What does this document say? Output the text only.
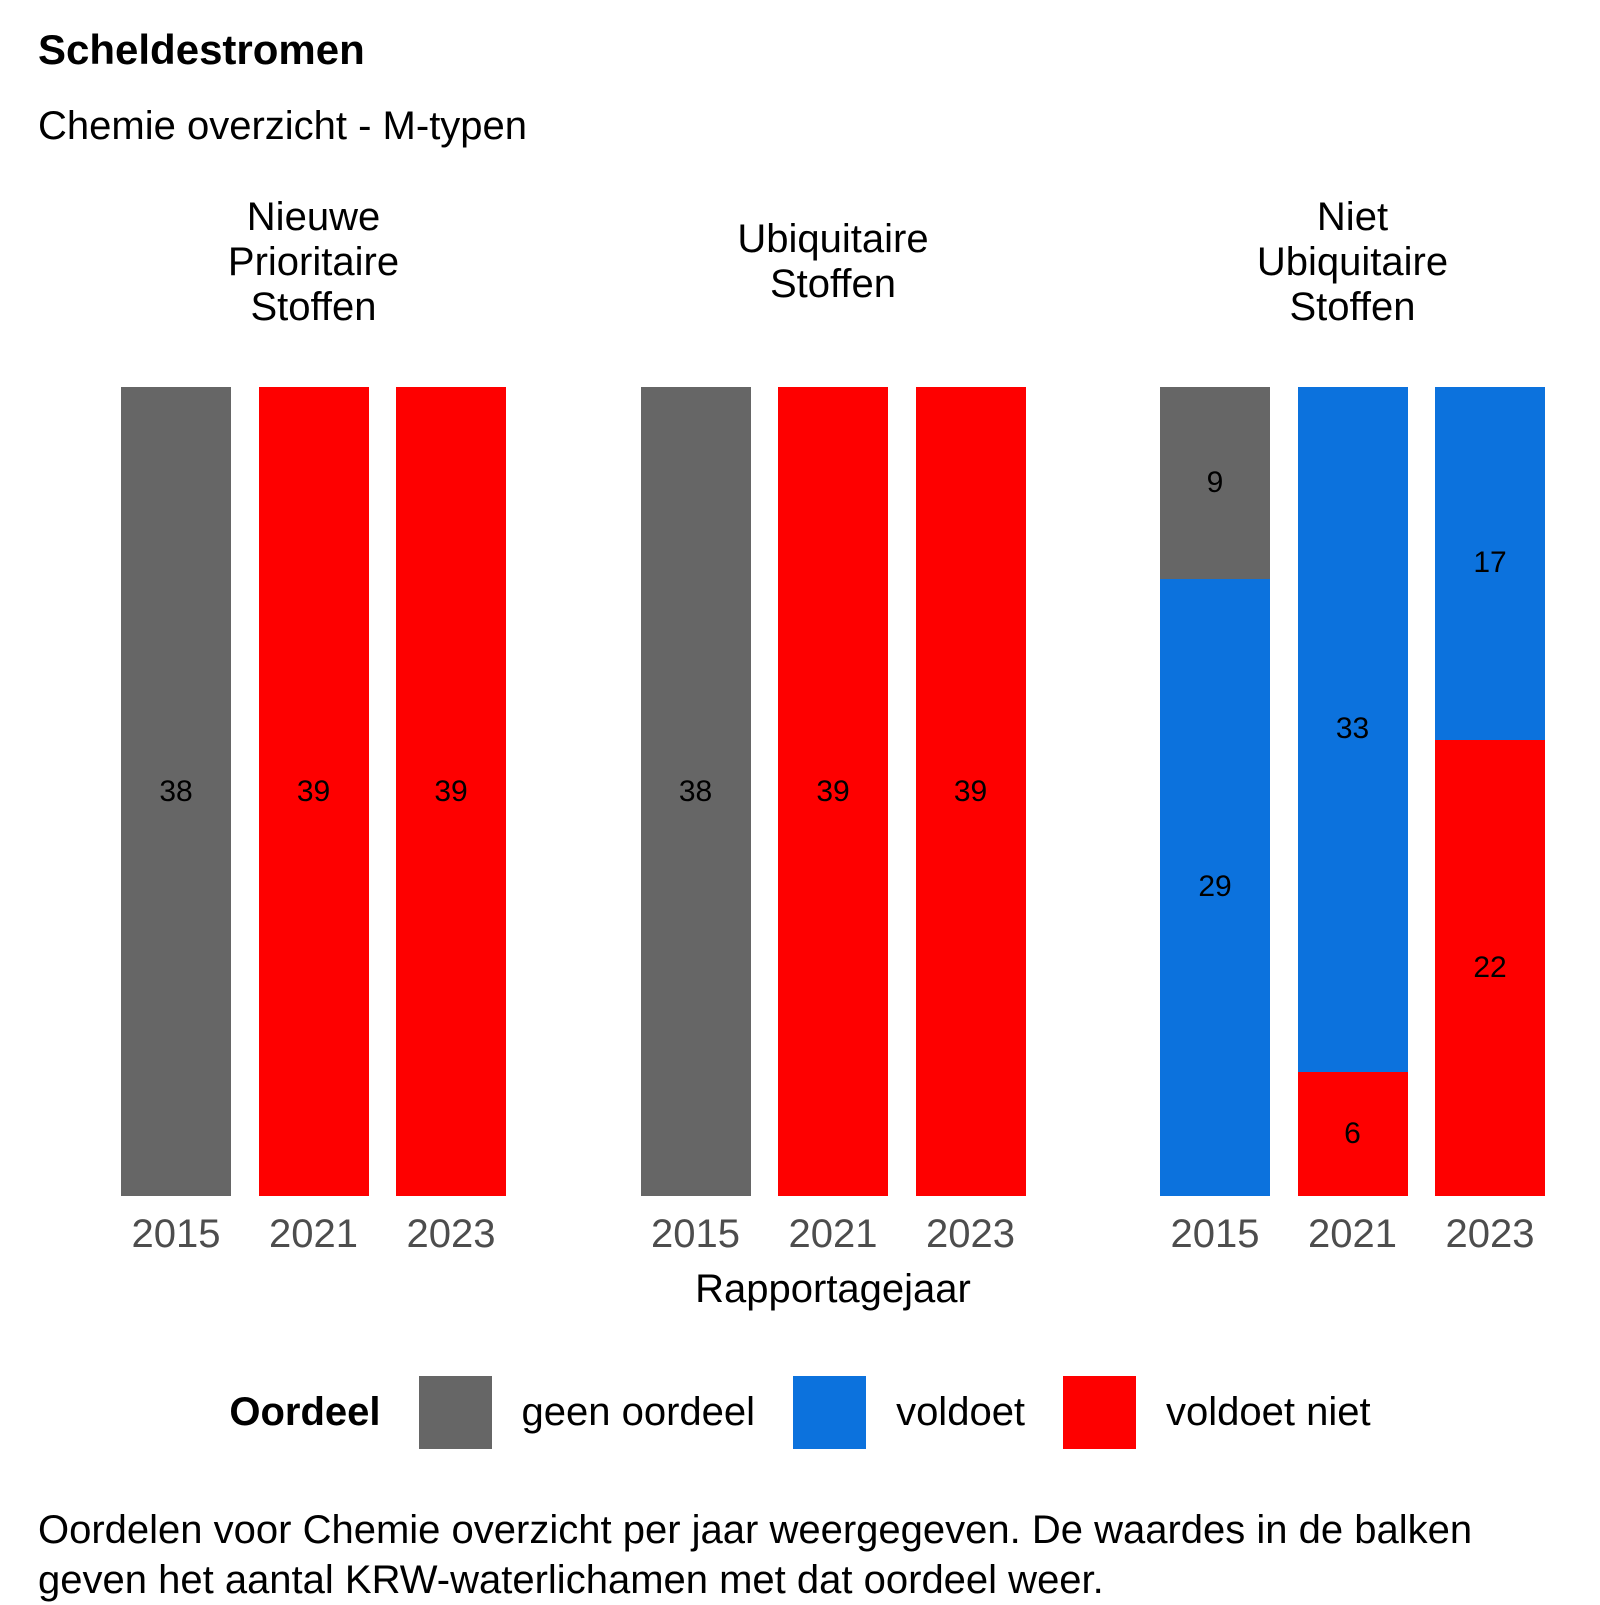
Scheldestromen
Chemie overzicht - M-typen
Nieuwe
Prioritaire
Stoffen
Ubiquitaire
Stoffen
Niet
Ubiquitaire
Stoffen
38
2015
39
2021
39
2023
38
2015
39
2021
39
2023
9
29
2015
33
6
2021
17
22
2023
Rapportagejaar
Oordeel	geen oordeel	voldoet	voldoet niet
Oordelen voor Chemie overzicht per jaar weergegeven. De waardes in de balken
geven het aantal KRW-waterlichamen met dat oordeel weer.
